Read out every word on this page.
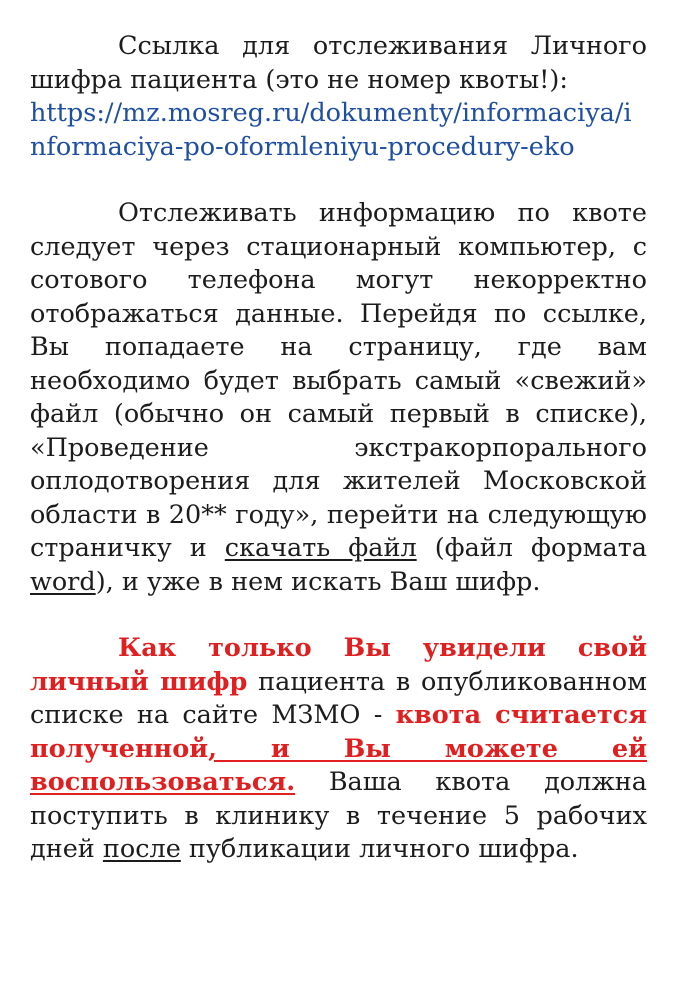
Ссылка для отслеживания Личного шифра пациента (это не номер квоты!):
https://mz.mosreg.ru/dokumenty/informaciya/informaciya-po-oformleniyu-procedury-eko

Отслеживать информацию по квоте следует через стационарный компьютер, с сотового телефона могут некорректно отображаться данные. Перейдя по ссылке, Вы попадаете на страницу, где вам необходимо будет выбрать самый «свежий» файл (обычно он самый первый в списке), «Проведение экстракорпорального оплодотворения для жителей Московской области в 20** году», перейти на следующую страничку и скачать файл (файл формата word), и уже в нем искать Ваш шифр.

Как только Вы увидели свой личный шифр пациента в опубликованном списке на сайте МЗМО - квота считается полученной, и Вы можете ей воспользоваться. Ваша квота должна поступить в клинику в течение 5 рабочих дней после публикации личного шифра.
